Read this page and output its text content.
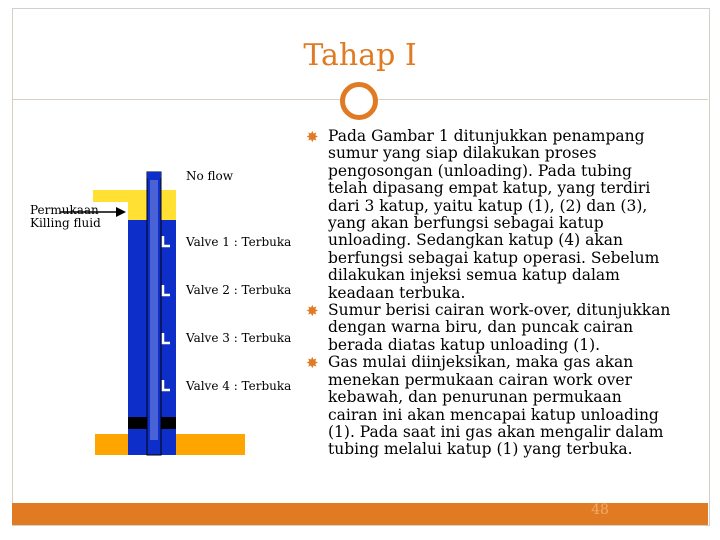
Tahap I
No flow
Permukaan
Killing fluid
Valve 1 : Terbuka
Valve 2 : Terbuka
Valve 3 : Terbuka
Valve 4 : Terbuka

✸ Pada Gambar 1 ditunjukkan penampang sumur yang siap dilakukan proses pengosongan (unloading). Pada tubing telah dipasang empat katup, yang terdiri dari 3 katup, yaitu katup (1), (2) dan (3), yang akan berfungsi sebagai katup unloading. Sedangkan katup (4) akan berfungsi sebagai katup operasi. Sebelum dilakukan injeksi semua katup dalam keadaan terbuka.

✸ Sumur berisi cairan work-over, ditunjukkan dengan warna biru, dan puncak cairan berada diatas katup unloading (1).

✸ Gas mulai diinjeksikan, maka gas akan menekan permukaan cairan work over kebawah, dan penurunan permukaan cairan ini akan mencapai katup unloading (1). Pada saat ini gas akan mengalir dalam tubing melalui katup (1) yang terbuka.

48
